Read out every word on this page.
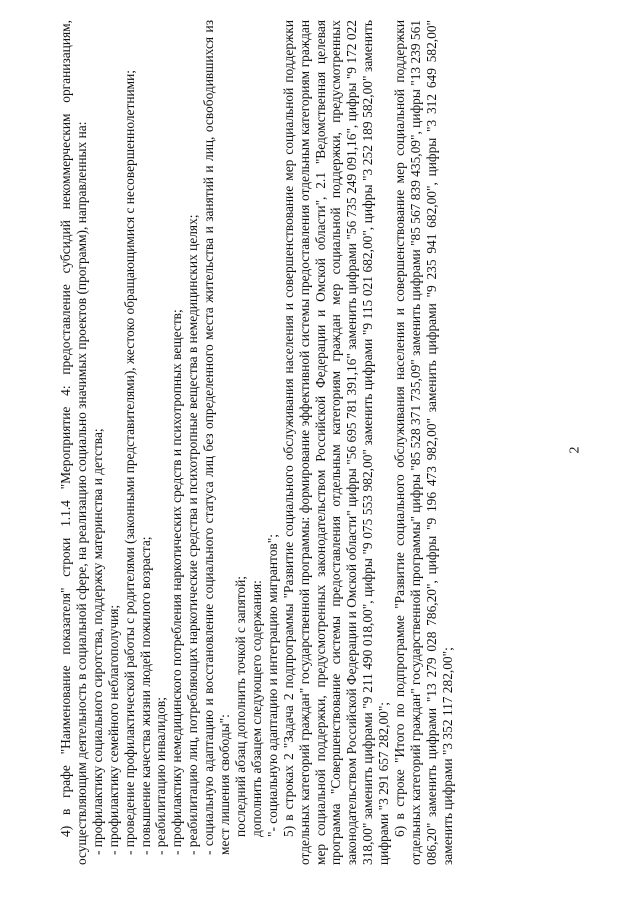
2

4) в графе "Наименование показателя" строки 1.1.4 "Мероприятие 4: предоставление субсидий некоммерческим организациям, осуществляющим деятельность в социальной сфере, на реализацию социально значимых проектов (программ), направленных на: - профилактику социального сиротства, поддержку материнства и детства; - профилактику семейного неблагополучия; - проведение профилактической работы с родителями (законными представителями), жестоко обращающимися с несовершеннолетними; - повышение качества жизни людей пожилого возраста; - реабилитацию инвалидов; - профилактику немедицинского потребления наркотических средств и психотропных веществ; - реабилитацию лиц, потребляющих наркотические средства и психотропные вещества в немедицинских целях; - социальную адаптацию и восстановление социального статуса лиц без определенного места жительства и занятий и лиц, освободившихся из мест лишения свободы": последний абзац дополнить точкой с запятой; дополнить абзацем следующего содержания: "- социальную адаптацию и интеграцию мигрантов"; 5) в строках 2 "Задача 2 подпрограммы "Развитие социального обслуживания населения и совершенствование мер социальной поддержки отдельных категорий граждан" государственной программы: формирование эффективной системы предоставления отдельным категориям граждан мер социальной поддержки, предусмотренных законодательством Российской Федерации и Омской области", 2.1 "Ведомственная целевая программа "Совершенствование системы предоставления отдельным категориям граждан мер социальной поддержки, предусмотренных законодательством Российской Федерации и Омской области" цифры "56 695 781 391,16" заменить цифрами "56 735 249 091,16", цифры "9 172 022 318,00" заменить цифрами "9 211 490 018,00", цифры "9 075 553 982,00" заменить цифрами "9 115 021 682,00", цифры "3 252 189 582,00" заменить цифрами "3 291 657 282,00"; 6) в строке "Итого по подпрограмме "Развитие социального обслуживания населения и совершенствование мер социальной поддержки отдельных категорий граждан" государственной программы" цифры "85 528 371 735,09" заменить цифрами "85 567 839 435,09", цифры "13 239 561 086,20" заменить цифрами "13 279 028 786,20", цифры "9 196 473 982,00" заменить цифрами "9 235 941 682,00", цифры "3 312 649 582,00" заменить цифрами "3 352 117 282,00";
